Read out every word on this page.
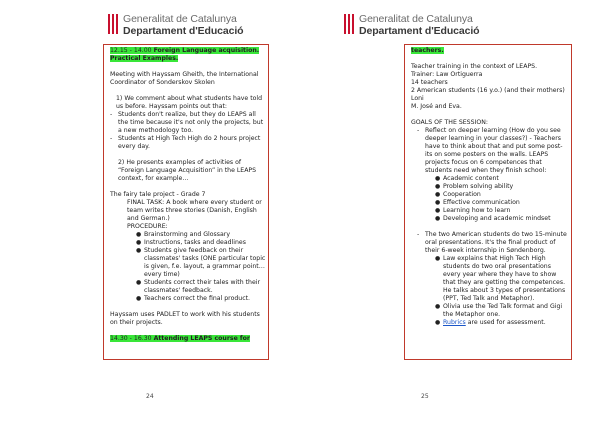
Generalitat de Catalunya
Departament d'Educació

12.15 - 14.00 Foreign Language acquisition.
Practical Examples.

Meeting with Hayssam Gheith, the International Coordinator of Sonderskov Skolen

1) We comment about what students have told us before. Hayssam points out that:

- Students don't realize, but they do LEAPS all the time because it's not only the projects, but a new methodology too.
- Students at High Tech High do 2 hours project every day.

2) He presents examples of activities of “Foreign Language Acquisition” in the LEAPS context, for example…

The fairy tale project - Grade 7

FINAL TASK: A book where every student or team writes three stories (Danish, English and German.)

PROCEDURE:

● Brainstorming and Glossary
● Instructions, tasks and deadlines
● Students give feedback on their classmates' tasks (ONE particular topic is given, f.e. layout, a grammar point… every time)
● Students correct their tales with their classmates' feedback.
● Teachers correct the final product.

Hayssam uses PADLET to work with his students on their projects.

14.30 - 16.30 Attending LEAPS course for

24
Generalitat de Catalunya
Departament d'Educació

teachers.

Teacher training in the context of LEAPS.

Trainer: Law Ortiguerra

14 teachers

2 American students (16 y.o.) (and their mothers)

Loni

M. José and Eva.

GOALS OF THE SESSION:

- Reflect on deeper learning (How do you see deeper learning in your classes?) - Teachers have to think about that and put some post-its on some posters on the walls. LEAPS projects focus on 6 competences that students need when they finish school:
● Academic content
● Problem solving ability
● Cooperation
● Effective communication
● Learning how to learn
● Developing and academic mindset
- The two American students do two 15-minute oral presentations. It's the final product of their 6-week internship in Søndenborg.
● Law explains that High Tech High students do two oral presentations every year where they have to show that they are getting the competences. He talks about 3 types of presentations (PPT, Ted Talk and Metaphor).
● Olivia use the Ted Talk format and Gigi the Metaphor one.
● Rubrics are used for assessment.
25
